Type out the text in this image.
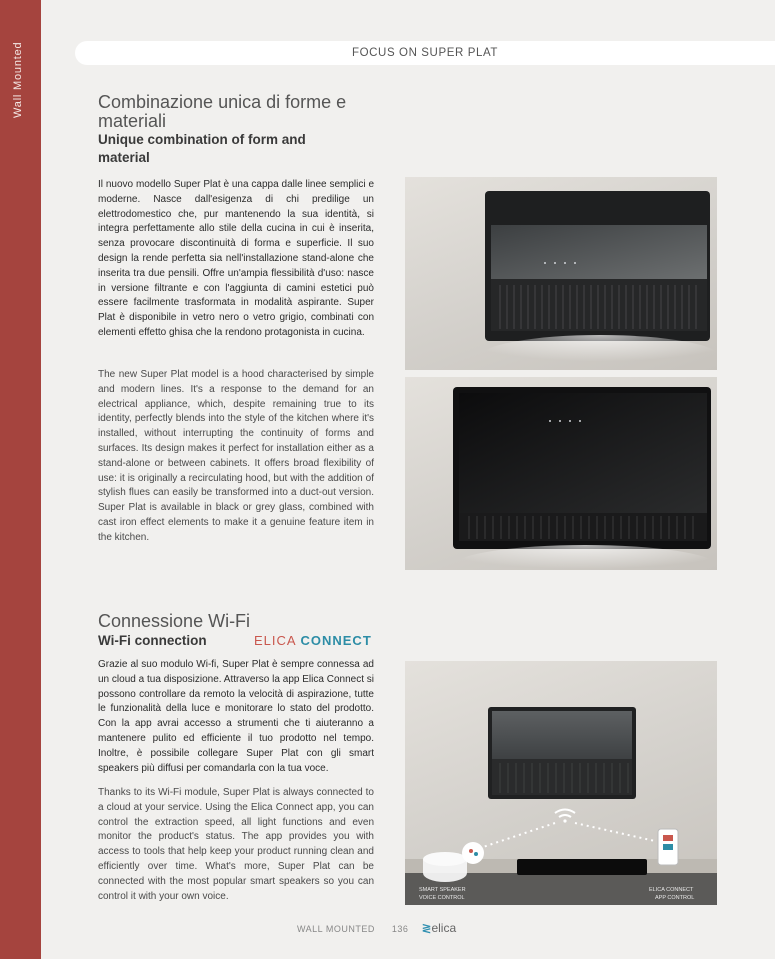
Wall Mounted	FOCUS ON SUPER PLAT
Combinazione unica di forme e materiali
Unique combination of form and material

Il nuovo modello Super Plat è una cappa dalle linee semplici e moderne. Nasce dall'esigenza di chi predilige un elettrodomestico che, pur mantenendo la sua identità, si integra perfettamente allo stile della cucina in cui è inserita, senza provocare discontinuità di forma e superficie. Il suo design la rende perfetta sia nell'installazione stand-alone che inserita tra due pensili. Offre un'ampia flessibilità d'uso: nasce in versione filtrante e con l'aggiunta di camini estetici può essere facilmente trasformata in modalità aspirante. Super Plat è disponibile in vetro nero o vetro grigio, combinati con elementi effetto ghisa che la rendono protagonista in cucina.

The new Super Plat model is a hood characterised by simple and modern lines. It's a response to the demand for an electrical appliance, which, despite remaining true to its identity, perfectly blends into the style of the kitchen where it's installed, without interrupting the continuity of forms and surfaces. Its design makes it perfect for installation either as a stand-alone or between cabinets. It offers broad flexibility of use: it is originally a recirculating hood, but with the addition of stylish flues can easily be transformed into a duct-out version. Super Plat is available in black or grey glass, combined with cast iron effect elements to make it a genuine feature item in the kitchen.

Connessione Wi-Fi
Wi-Fi connection	ELICA CONNECT

Grazie al suo modulo Wi-fi, Super Plat è sempre connessa ad un cloud a tua disposizione. Attraverso la app Elica Connect si possono controllare da remoto la velocità di aspirazione, tutte le funzionalità della luce e monitorare lo stato del prodotto. Con la app avrai accesso a strumenti che ti aiuteranno a mantenere pulito ed efficiente il tuo prodotto nel tempo. Inoltre, è possibile collegare Super Plat con gli smart speakers più diffusi per comandarla con la tua voce.

Thanks to its Wi-Fi module, Super Plat is always connected to a cloud at your service. Using the Elica Connect app, you can control the extraction speed, all light functions and even monitor the product's status. The app provides you with access to tools that help keep your product running clean and efficiently over time. What's more, Super Plat can be connected with the most popular smart speakers so you can control it with your own voice.

SMART SPEAKER
VOICE CONTROL
ELICA CONNECT
APP CONTROL
WALL MOUNTED 136 ≷elica
